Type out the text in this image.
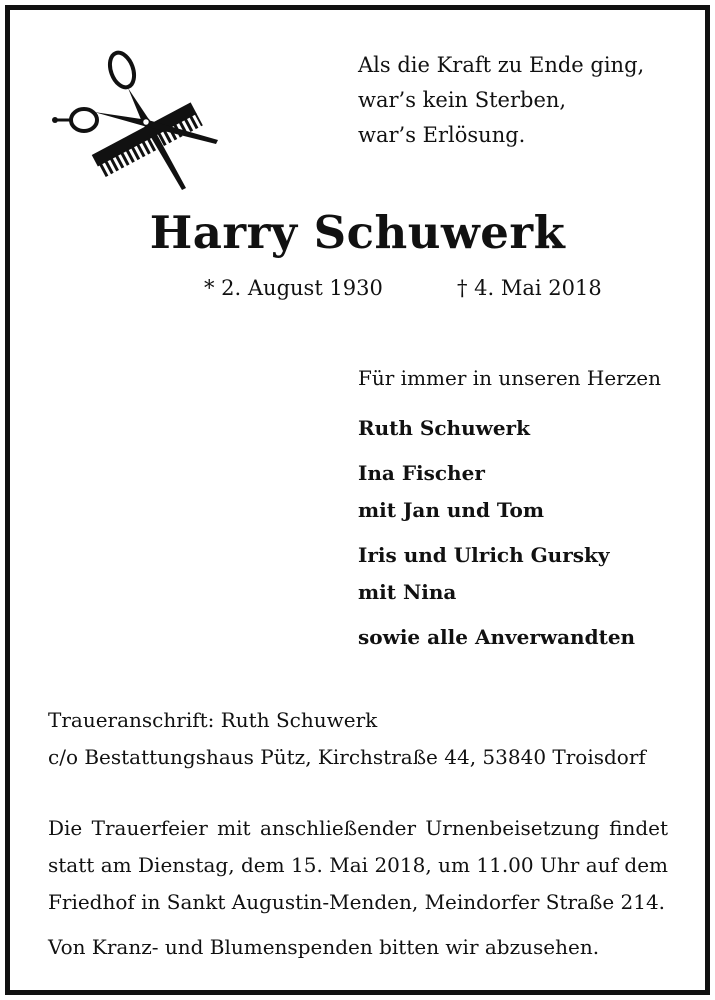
Als die Kraft zu Ende ging,
war’s kein Sterben,
war’s Erlösung.
Harry Schuwerk
* 2. August 1930	† 4. Mai 2018
Für immer in unseren Herzen
Ruth Schuwerk
Ina Fischer
mit Jan und Tom
Iris und Ulrich Gursky
mit Nina
sowie alle Anverwandten
Traueranschrift: Ruth Schuwerk
c/o Bestattungshaus Pütz, Kirchstraße 44, 53840 Troisdorf
Die Trauerfeier mit anschließender Urnenbeisetzung findet
statt am Dienstag, dem 15. Mai 2018, um 11.00 Uhr auf dem
Friedhof in Sankt Augustin-Menden, Meindorfer Straße 214.
Von Kranz- und Blumenspenden bitten wir abzusehen.
